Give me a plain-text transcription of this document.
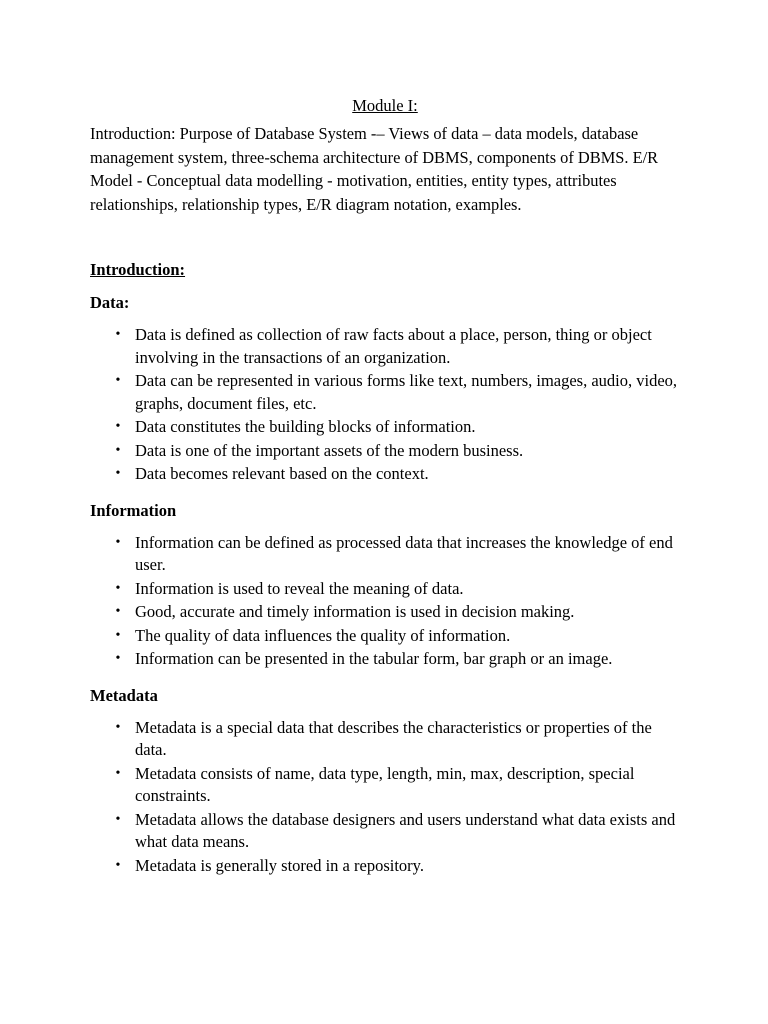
Module I:

Introduction: Purpose of Database System -– Views of data – data models, database management system, three-schema architecture of DBMS, components of DBMS. E/R Model - Conceptual data modelling - motivation, entities, entity types, attributes relationships, relationship types, E/R diagram notation, examples.

Introduction:
Data:
• Data is defined as collection of raw facts about a place, person, thing or object involving in the transactions of an organization.
• Data can be represented in various forms like text, numbers, images, audio, video, graphs, document files, etc.
• Data constitutes the building blocks of information.
• Data is one of the important assets of the modern business.
• Data becomes relevant based on the context.
Information
• Information can be defined as processed data that increases the knowledge of end user.
• Information is used to reveal the meaning of data.
• Good, accurate and timely information is used in decision making.
• The quality of data influences the quality of information.
• Information can be presented in the tabular form, bar graph or an image.
Metadata
• Metadata is a special data that describes the characteristics or properties of the data.
• Metadata consists of name, data type, length, min, max, description, special constraints.
• Metadata allows the database designers and users understand what data exists and what data means.
• Metadata is generally stored in a repository.
